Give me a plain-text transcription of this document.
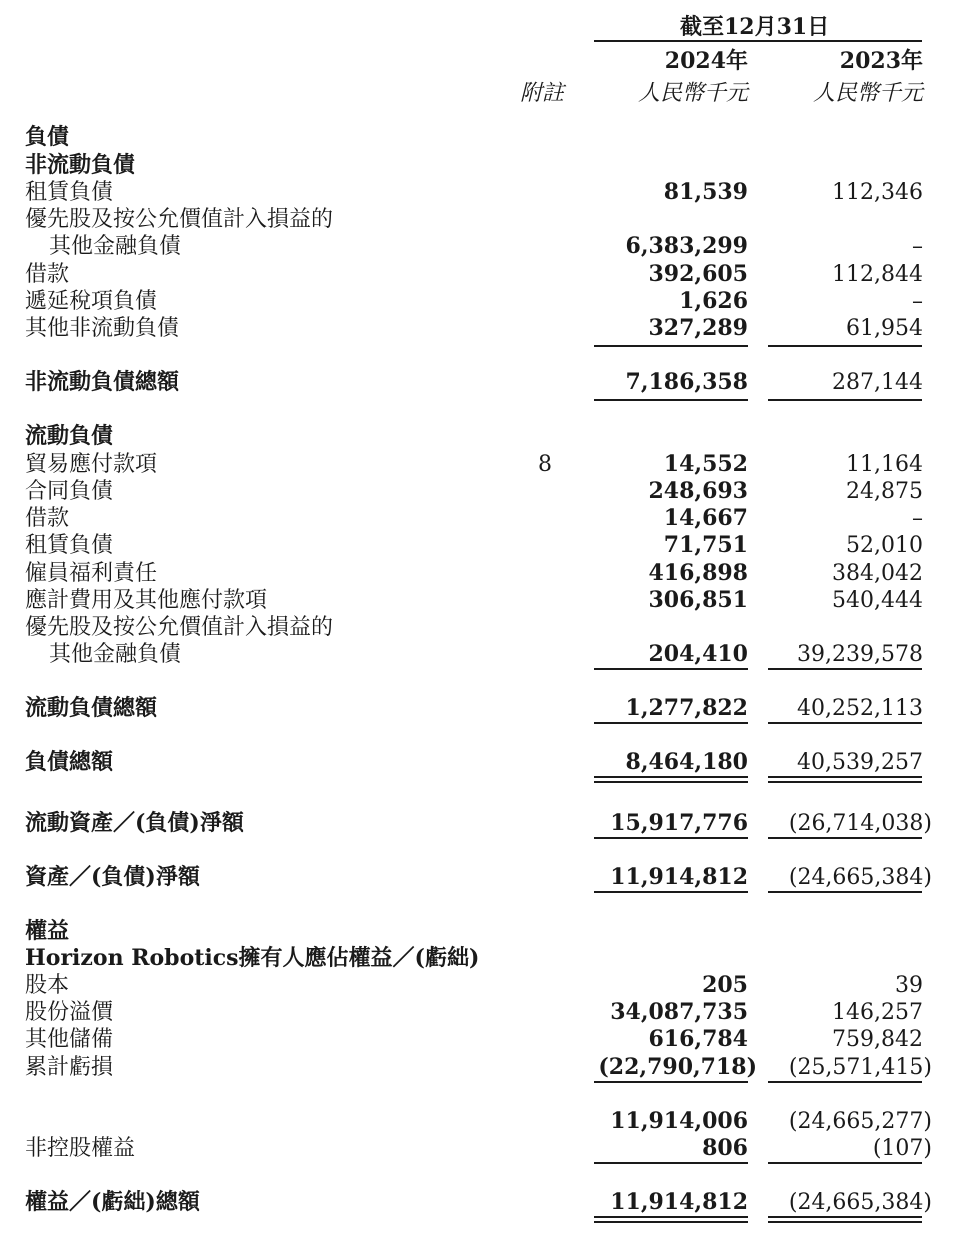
截至12月31日
2024年	2023年
附註	人民幣千元	人民幣千元
負債
非流動負債
租賃負債	81,539	112,346
優先股及按公允價值計入損益的
其他金融負債	6,383,299	–
借款	392,605	112,844
遞延稅項負債	1,626	–
其他非流動負債	327,289	61,954
非流動負債總額	7,186,358	287,144
流動負債
貿易應付款項	8	14,552	11,164
合同負債	248,693	24,875
借款	14,667	–
租賃負債	71,751	52,010
僱員福利責任	416,898	384,042
應計費用及其他應付款項	306,851	540,444
優先股及按公允價值計入損益的
其他金融負債	204,410 39,239,578
流動負債總額	1,277,822 40,252,113
負債總額	8,464,180 40,539,257
流動資產／(負債)淨額	15,917,776 (26,714,038)
資產／(負債)淨額	11,914,812 (24,665,384)
權益
Horizon Robotics擁有人應佔權益／(虧絀)
股本	205	39
股份溢價	34,087,735	146,257
其他儲備	616,784	759,842
累計虧損	(22,790,718) (25,571,415)
11,914,006 (24,665,277)
非控股權益	806	(107)
權益／(虧絀)總額	11,914,812 (24,665,384)
